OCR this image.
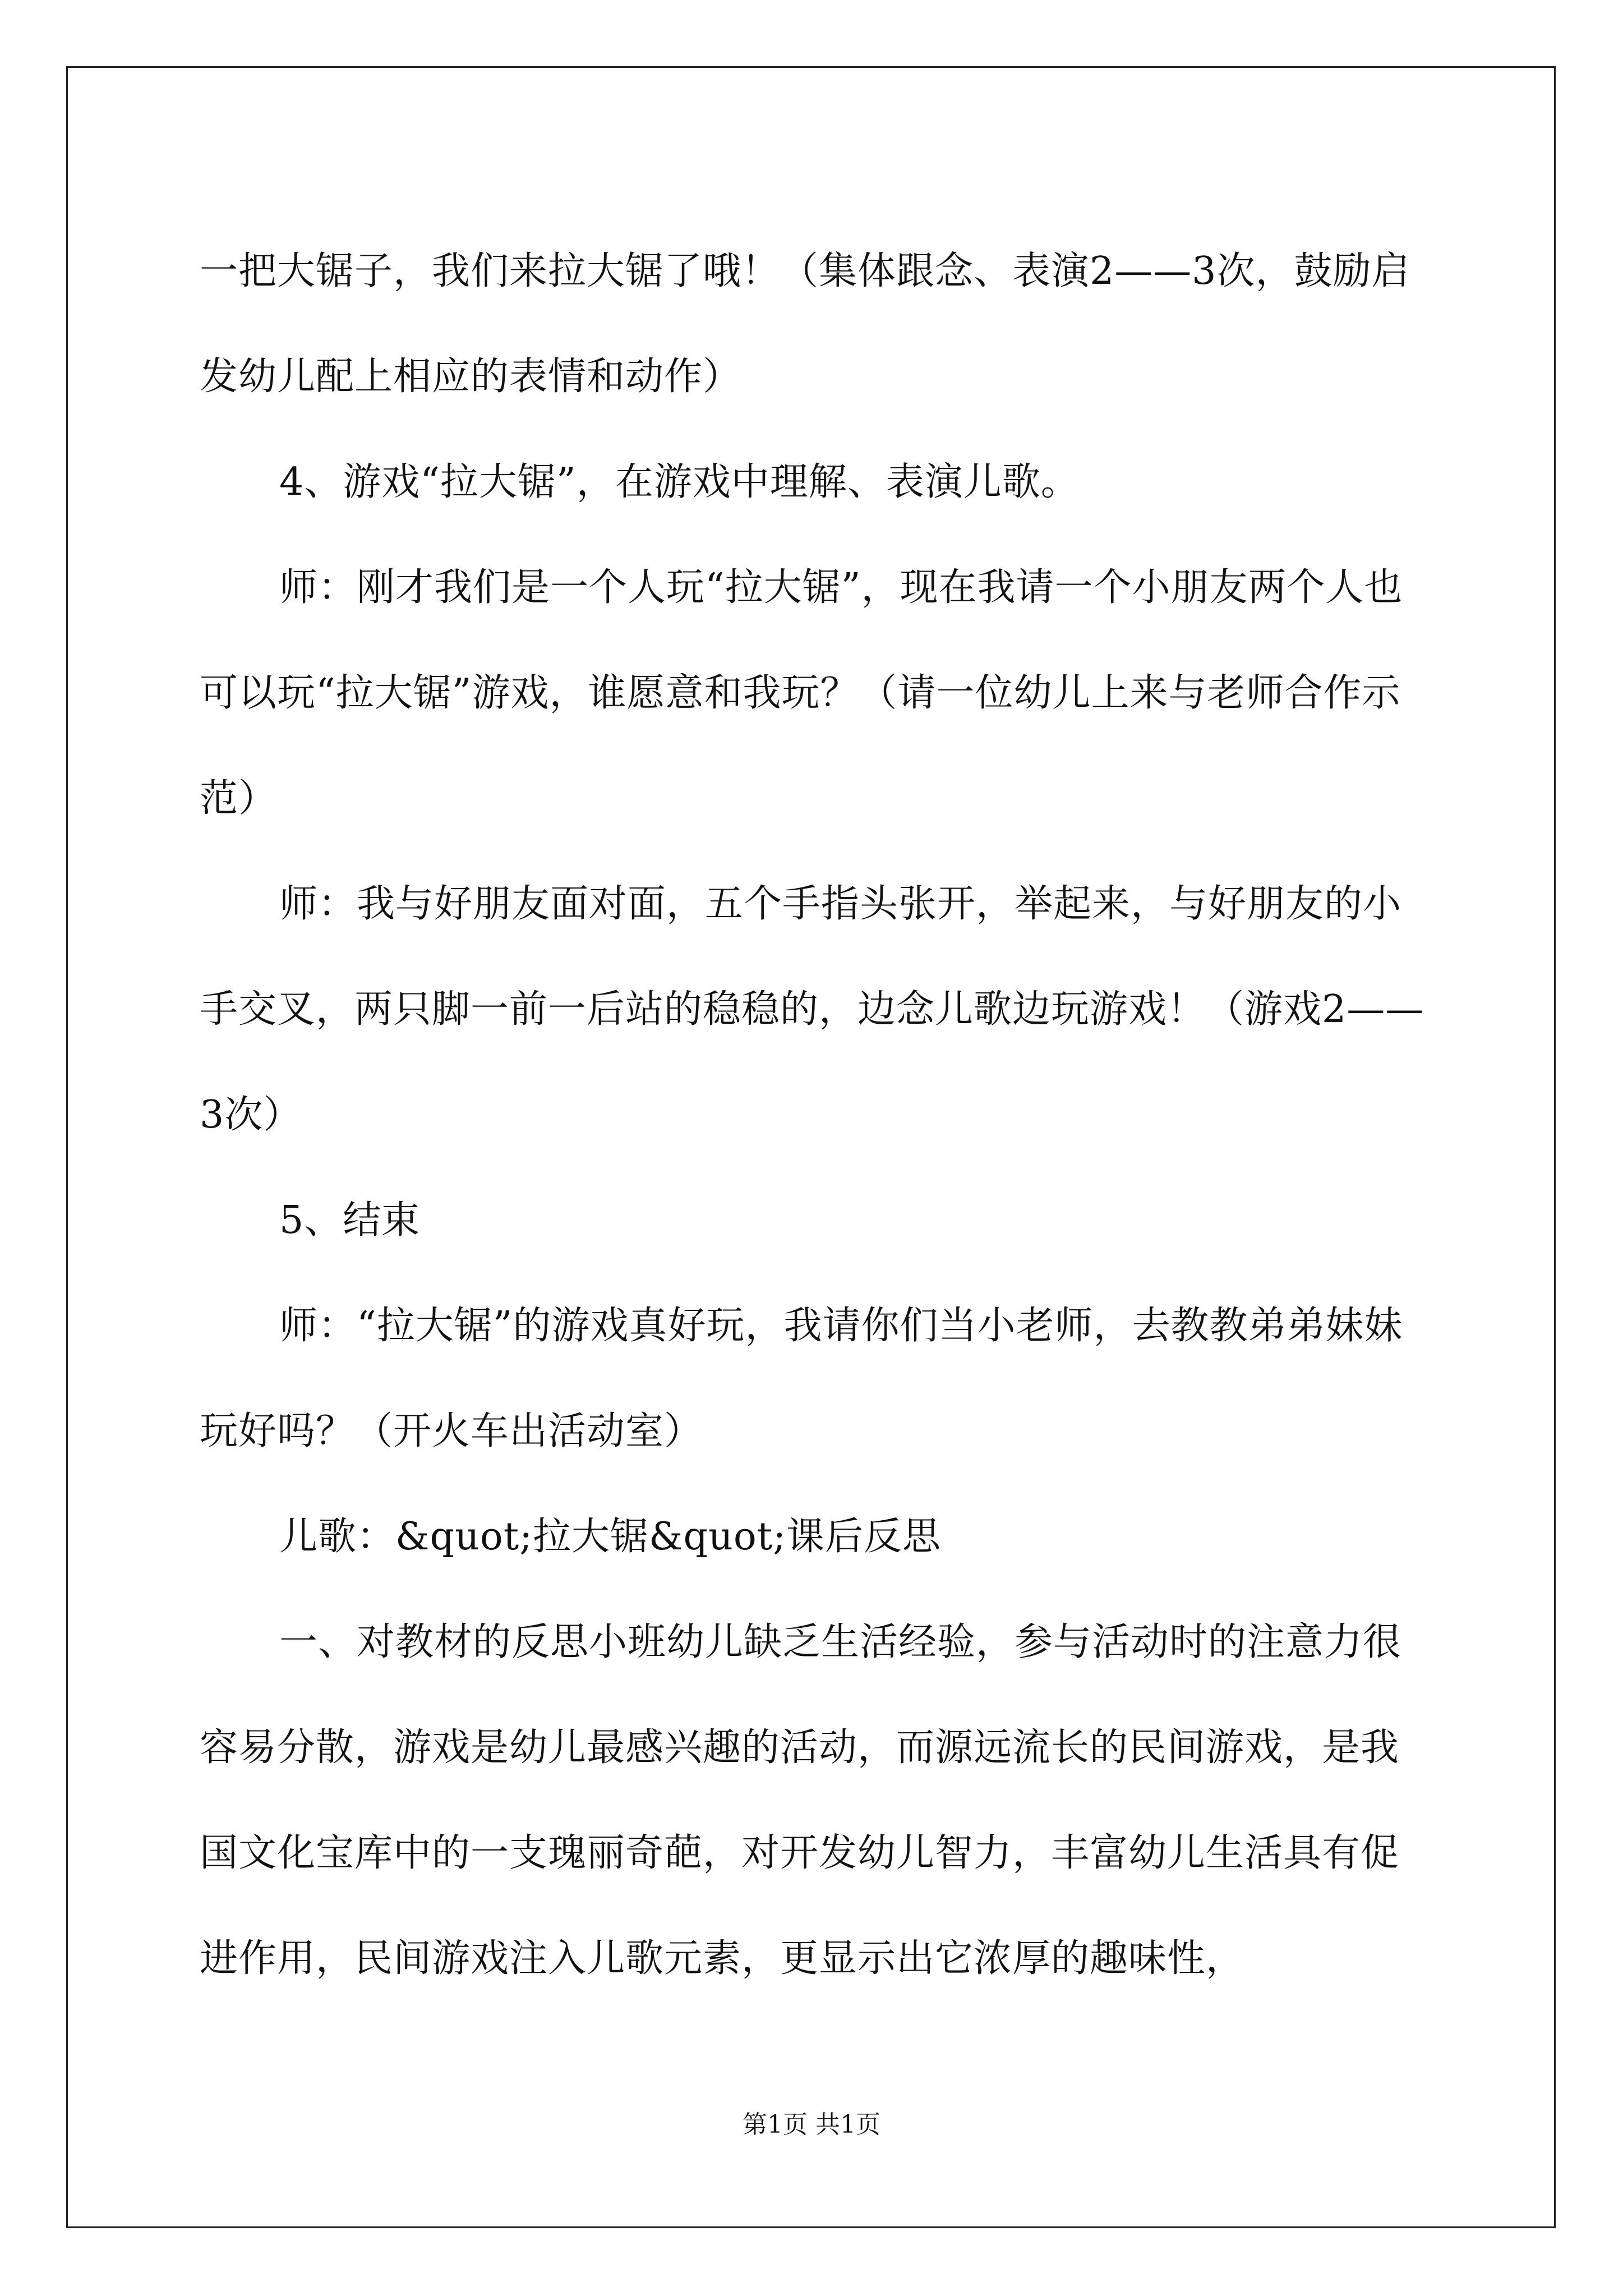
一把大锯子，我们来拉大锯了哦！（集体跟念、表演2——3次，鼓励启发幼儿配上相应的表情和动作）

4、游戏“拉大锯”，在游戏中理解、表演儿歌。

师：刚才我们是一个人玩“拉大锯”，现在我请一个小朋友两个人也可以玩“拉大锯”游戏，谁愿意和我玩？（请一位幼儿上来与老师合作示范）

师：我与好朋友面对面，五个手指头张开，举起来，与好朋友的小手交叉，两只脚一前一后站的稳稳的，边念儿歌边玩游戏！（游戏2——3次）

5、结束

师：“拉大锯”的游戏真好玩，我请你们当小老师，去教教弟弟妹妹玩好吗？（开火车出活动室）

儿歌：&quot;拉大锯&quot;课后反思

一、对教材的反思小班幼儿缺乏生活经验，参与活动时的注意力很容易分散，游戏是幼儿最感兴趣的活动，而源远流长的民间游戏，是我国文化宝库中的一支瑰丽奇葩，对开发幼儿智力，丰富幼儿生活具有促进作用，民间游戏注入儿歌元素，更显示出它浓厚的趣味性，

第1页 共1页
